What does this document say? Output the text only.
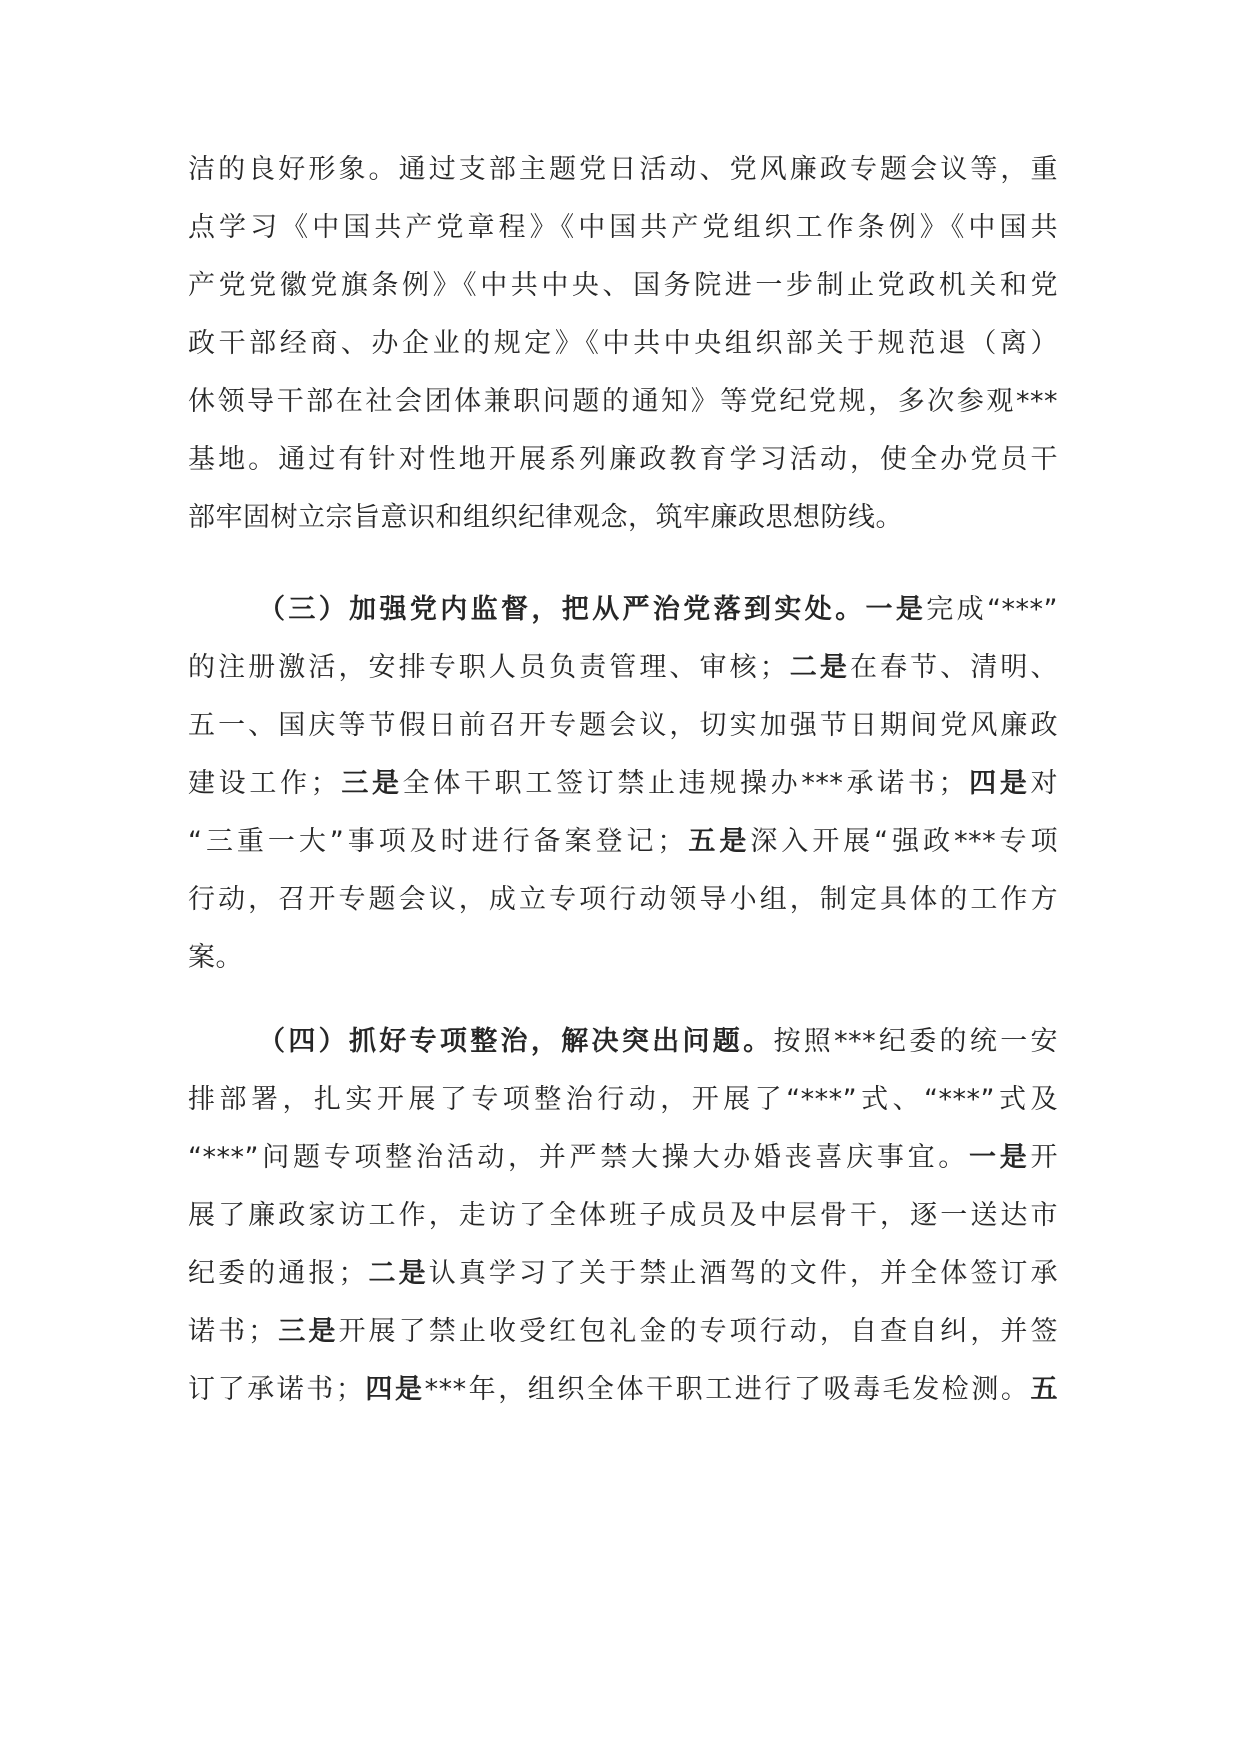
洁的良好形象。通过支部主题党日活动、党风廉政专题会议等，重
点学习《中国共产党章程》《中国共产党组织工作条例》《中国共
产党党徽党旗条例》《中共中央、国务院进一步制止党政机关和党
政干部经商、办企业的规定》《中共中央组织部关于规范退（离）
休领导干部在社会团体兼职问题的通知》等党纪党规，多次参观***
基地。通过有针对性地开展系列廉政教育学习活动，使全办党员干
部牢固树立宗旨意识和组织纪律观念，筑牢廉政思想防线。
（三）加强党内监督，把从严治党落到实处。一是完成“***”
的注册激活，安排专职人员负责管理、审核；二是在春节、清明、
五一、国庆等节假日前召开专题会议，切实加强节日期间党风廉政
建设工作；三是全体干职工签订禁止违规操办***承诺书；四是对
“三重一大”事项及时进行备案登记；五是深入开展“强政***专项
行动，召开专题会议，成立专项行动领导小组，制定具体的工作方
案。
（四）抓好专项整治，解决突出问题。按照***纪委的统一安
排部署，扎实开展了专项整治行动，开展了“***”式、“***”式及
“***”问题专项整治活动，并严禁大操大办婚丧喜庆事宜。一是开
展了廉政家访工作，走访了全体班子成员及中层骨干，逐一送达市
纪委的通报；二是认真学习了关于禁止酒驾的文件，并全体签订承
诺书；三是开展了禁止收受红包礼金的专项行动，自查自纠，并签
订了承诺书；四是***年，组织全体干职工进行了吸毒毛发检测。五
